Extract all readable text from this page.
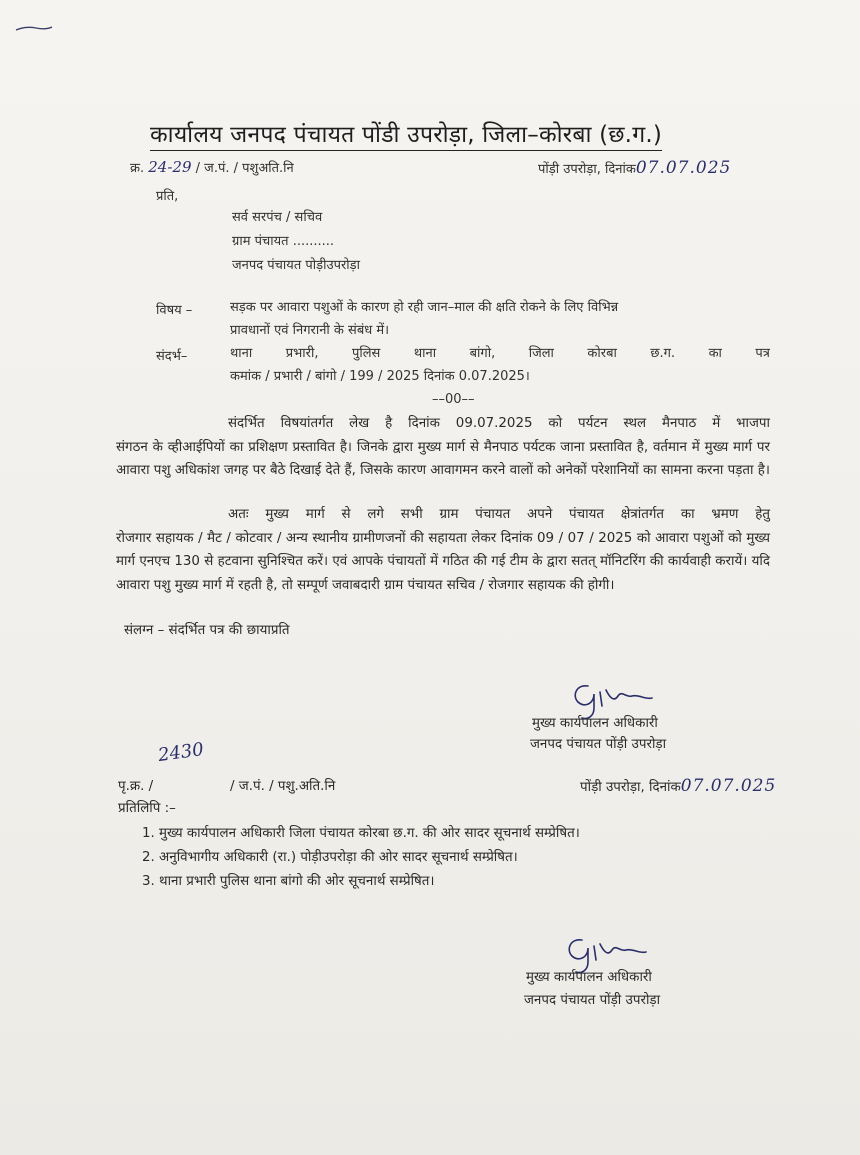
कार्यालय जनपद पंचायत पोंडी उपरोड़ा, जिला–कोरबा (छ.ग.)
क्र. 24-29 / ज.पं. / पशुअति.नि	पोंड़ी उपरोड़ा, दिनांक07.07.025
प्रति,
सर्व सरपंच / सचिव
ग्राम पंचायत ..........
जनपद पंचायत पोड़ीउपरोड़ा
विषय –	सड़क पर आवारा पशुओं के कारण हो रही जान–माल की क्षति रोकने के लिए विभिन्न
प्रावधानों एवं निगरानी के संबंध में।
संदर्भ–	थाना प्रभारी, पुलिस थाना बांगो, जिला कोरबा छ.ग. का पत्र
कमांक / प्रभारी / बांगो / 199 / 2025 दिनांक 0.07.2025।
––00––
संदर्भित विषयांतर्गत लेख है दिनांक 09.07.2025 को पर्यटन स्थल मैनपाठ में भाजपा
संगठन के व्हीआईपियों का प्रशिक्षण प्रस्तावित है। जिनके द्वारा मुख्य मार्ग से मैनपाठ पर्यटक जाना प्रस्तावित है, वर्तमान में मुख्य मार्ग पर आवारा पशु अधिकांश जगह पर बैठे दिखाई देते हैं, जिसके कारण आवागमन करने वालों को अनेकों परेशानियों का सामना करना पड़ता है।
अतः मुख्य मार्ग से लगे सभी ग्राम पंचायत अपने पंचायत क्षेत्रांतर्गत का भ्रमण हेतु
रोजगार सहायक / मैट / कोटवार / अन्य स्थानीय ग्रामीणजनों की सहायता लेकर दिनांक 09 / 07 / 2025 को आवारा पशुओं को मुख्य मार्ग एनएच 130 से हटवाना सुनिश्चित करें। एवं आपके पंचायतों में गठित की गई टीम के द्वारा सतत् मॉनिटरिंग की कार्यवाही करायें। यदि आवारा पशु मुख्य मार्ग में रहती है, तो सम्पूर्ण जवाबदारी ग्राम पंचायत सचिव / रोजगार सहायक की होगी।
संलग्न – संदर्भित पत्र की छायाप्रति
मुख्य कार्यपालन अधिकारी
जनपद पंचायत पोंड़ी उपरोड़ा
2430
पृ.क्र. /	/ ज.पं. / पशु.अति.नि	पोंड़ी उपरोड़ा, दिनांक07.07.025
प्रतिलिपि :–
1. मुख्य कार्यपालन अधिकारी जिला पंचायत कोरबा छ.ग. की ओर सादर सूचनार्थ सम्प्रेषित।
2. अनुविभागीय अधिकारी (रा.) पोड़ीउपरोड़ा की ओर सादर सूचनार्थ सम्प्रेषित।
3. थाना प्रभारी पुलिस थाना बांगो की ओर सूचनार्थ सम्प्रेषित।
मुख्य कार्यपालन अधिकारी
जनपद पंचायत पोंड़ी उपरोड़ा
